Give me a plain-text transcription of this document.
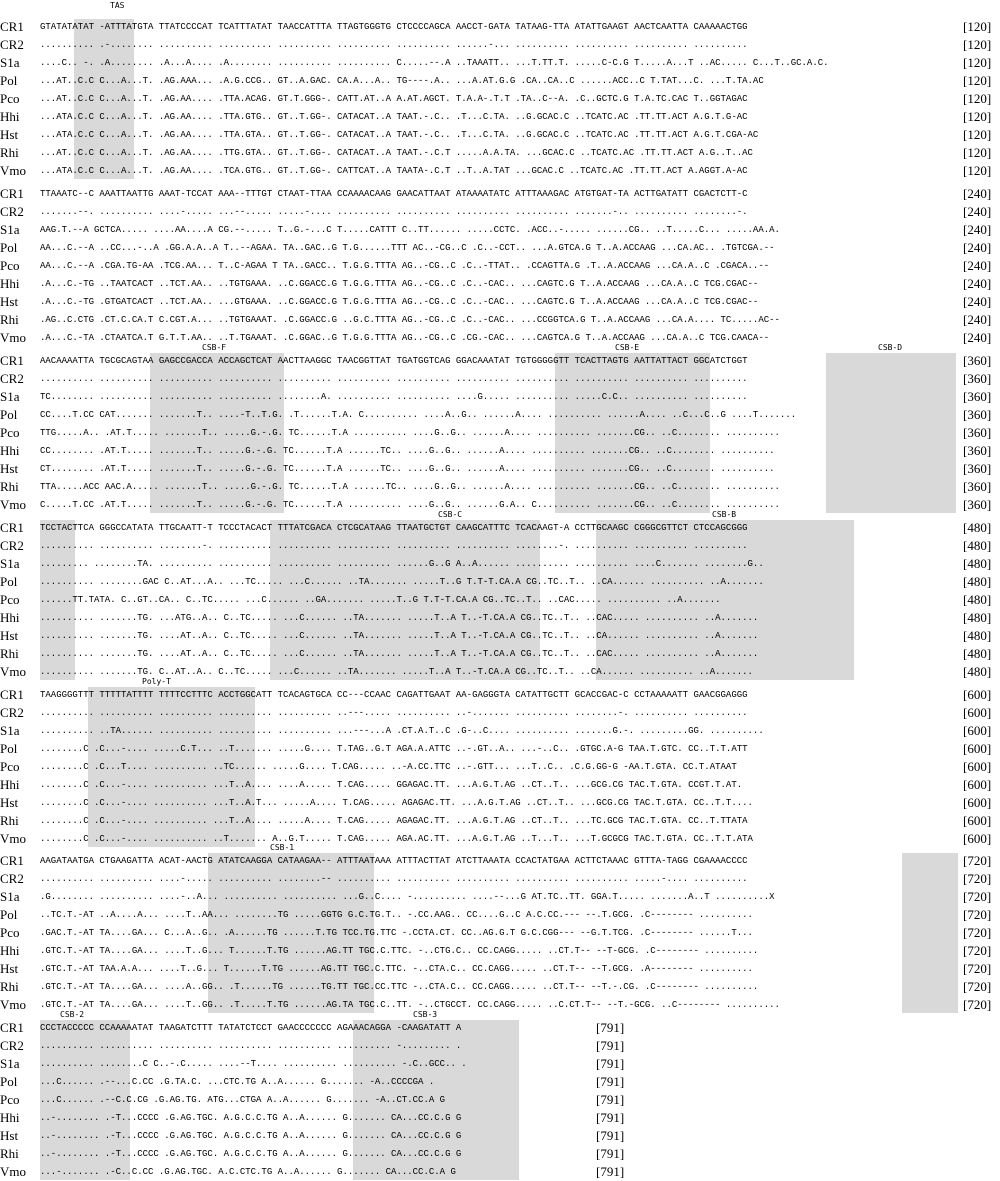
TAS
CR1	GTATATATAT -ATTTATGTA TTATCCCCAT TCATTTATAT TAACCATTTA TTAGTGGGTG CTCCCCAGCA AACCT-GATA TATAAG-TTA ATATTGAAGT AACTCAATTA CAAAAACTGG	[120]
CR2	.......... .-........ .......... .......... .......... .......... .......... ......-... .......... .......... .......... ..........	[120]
S1a	....C.. -. .A........ .A...A.... .A........ .......... .......... C.....--.A ..TAAATT.. ...T.TT.T. .....C-C.G T.....A...T ..AC..... C...T..GC.A.C.	[120]
Pol	...AT..C.C C...A...T. .AG.AAA... .A.G.CCG.. GT..A.GAC. CA.A...A.. TG----.A.. ...A.AT.G.G .CA..CA..C ......ACC..C T.TAT...C. ...T.TA.AC	[120]
Pco	...AT..C.C C...A...T. .AG.AA.... .TTA.ACAG. GT.T.GGG-. CATT.AT..A A.AT.AGCT. T.A.A-.T.T .TA..C--A. .C..GCTC.G T.A.TC.CAC T..GGTAGAC	[120]
Hhi	...ATA.C.C C...A...T. .AG.AA.... .TTA.GTG.. GT..T.GG-. CATACAT..A TAAT.-.C.. .T...C.TA. ..G.GCAC.C ..TCATC.AC .TT.TT.ACT A.G.T.G-AC	[120]
Hst	...ATA.C.C C...A...T. .AG.AA.... .TTA.GTA.. GT..T.GG-. CATACAT..A TAAT.-.C.. .T...C.TA. ..G.GCAC.C ..TCATC.AC .TT.TT.ACT A.G.T.CGA-AC	[120]
Rhi	...AT..C.C C...A...T. .AG.AA.... .TTG.GTA.. GT..T.GG-. CATACAT..A TAAT.-.C.T .....A.A.TA. ...GCAC.C ..TCATC.AC .TT.TT.ACT A.G..T..AC	[120]
Vmo	...ATA.C.C C...A...T. .AG.AA.... .TCA.GTG.. GT..T.GG-. CATTCAT..A TAATA-.C.T ..T..A.TAT ...GCAC.C ..TCATC.AC .TT.TT.ACT A.AGGT.A-AC	[120]
CR1	TTAAATC--C AAATTAATTG AAAT-TCCAT AAA--TTTGT CTAAT-TTAA CCAAAACAAG GAACATTAAT ATAAAATATC ATTTAAAGAC ATGTGAT-TA ACTTGATATT CGACTCTT-C	[240]
CR2	.......--. .......... ....-..... ...--..... .....-.... .......... .......... .......... .......... .......-.. .......... ........-.	[240]
S1a	AAG.T.--A GCTCA..... ....AA....A CG.--..... T..G.-...C T.....CATTT C..TT...... .....CCTC. .ACC..-..... ......CG.. ..T.....C... .....AA.A.	[240]
Pol	AA...C.--A ..CC...-..A .GG.A.A..A T..--AGAA. TA..GAC..G T.G......TTT AC..-CG..C .C..-CCT.. ...A.GTCA.G T..A.ACCAAG ...CA.AC.. .TGTCGA.--	[240]
Pco	AA...C.--A .CGA.TG-AA .TCG.AA... T..C-AGAA T TA..GACC.. T.G.G.TTTA AG..-CG..C .C..-TTAT.. .CCAGTTA.G .T..A.ACCAAG ...CA.A..C .CGACA..--	[240]
Hhi	.A...C.-TG ..TAATCACT ..TCT.AA.. ..TGTGAAA. ..C.GGACC.G T.G.G.TTTA AG..-CG..C .C..-CAC.. ...CAGTC.G T..A.ACCAAG ...CA.A..C TCG.CGAC--	[240]
Hst	.A...C.-TG .GTGATCACT ..TCT.AA.. ...GTGAAA. ..C.GGACC.G T.G.G.TTTA AG..-CG..C .C..-CAC.. ...CAGTC.G T..A.ACCAAG ...CA.A..C TCG.CGAC--	[240]
Rhi	.AG..C.CTG .CT.C.CA.T C.CGT.A... ..TGTGAAAT. .C.GGACC.G ..G.C.TTTA AG..-CG..C .C..-CAC.. ...CCGGTCA.G T..A.ACCAAG ...CA.A.... TC.....AC--	[240]
Vmo	.A...C.-TA .CTAATCA.T G.T.T.AA.. ..T.TGAAAT. .C.GGAC..G T.G.G.TTTA AG..-CG..C .CG.-CAC.. ...CAGTCA.G T..A.ACCAAG ...CA.A..C TCG.CAACA--	[240]
CSB-F	CSB-E	CSB-D
CR1	AACAAAATTA TGCGCAGTAA GAGCCGACCA ACCAGCTCAT AACTTAAGGC TAACGGTTAT TGATGGTCAG GGACAAATAT TGTGGGGGTT TCACTTAGTG AATTATTACT GGCATCTGGT	[360]
CR2	.......... .......... .......... .......... .......... .......... .......... .......... .......... .......... .......... ..........	[360]
S1a	TC........ .......... .......... .......... ........A. .......... .......... ....G..... .......... .....C.C.. .......... ..........	[360]
Pol	CC....T.CC CAT....... .......T.. ....-T..T.G. .T......T.A. C.......... ....A..G.. ......A.... .......... ......A.... ..C...C..G ....T.......	[360]
Pco	TTG.....A.. .AT.T..... .......T.. .....G.-.G. TC......T.A .......... ....G..G.. ......A.... .......... .......CG.. ..C........ ..........	[360]
Hhi	CC........ .AT.T..... .......T.. .....G.-.G. TC......T.A ......TC.. ....G..G.. ......A.... .......... .......CG.. ..C........ ..........	[360]
Hst	CT........ .AT.T..... .......T.. .....G.-.G. TC......T.A ......TC.. ....G..G.. ......A.... .......... .......CG.. ..C........ ..........	[360]
Rhi	TTA.....ACC AAC.A..... .......T.. .....G.-.G. TC......T.A ......TC.. ....G..G.. ......A.... .......... .......CG.. ..C........ ..........	[360]
Vmo	C.....T.CC .AT.T..... .......T.. .....G.-.G. TC......T.A .......... ....G..G.. ......G.A.. C.......... .......CG.. ..C........ ..........	[360]
CSB-C	CSB-B
CR1	TCCTACTTCA GGGCCATATA TTGCAATT-T TCCCTACACT TTTATCGACA CTCGCATAAG TTAATGCTGT CAAGCATTTC TCACAAGT-A CCTTGCAAGC CGGGCGTTCT CTCCAGCGGG	[480]
CR2	.......... .......... ........-. .......... .......... .......... .......... .......... ........-. .......... .......... ..........	[480]
S1a	......... ........TA. .......... .......... .......... .......... ......G..G A..A...... .......... .......... ....C....... ........G..	[480]
Pol	.......... ........GAC C..AT...A.. ...TC..... ...C...... ..TA....... .....T..G T.T-T.CA.A CG..TC..T.. ..CA...... .......... ..A.......	[480]
Pco	......TT.TATA. C..GT..CA.. C..TC..... ...C...... ..GA....... .....T..G T.T-T.CA.A CG..TC..T.. ..CAC..... .......... ..A.......	[480]
Hhi	.......... .......TG. ...ATG..A.. C..TC..... ...C...... ..TA....... .....T..A T..-T.CA.A CG..TC..T.. ..CAC..... .......... ..A.......	[480]
Hst	.......... .......TG. ....AT..A.. C..TC..... ...C...... ..TA....... .....T..A T..-T.CA.A CG..TC..T.. ..CA...... .......... ..A.......	[480]
Rhi	.......... .......TG. ....AT..A.. C..TC..... ...C...... ..TA....... .....T..A T..-T.CA.A CG..TC..T.. ..CAC..... .......... ..A.......	[480]
Vmo	.......... .......TG. C..AT..A.. C..TC..... ...C...... ..TA....... .....T..A T..-T.CA.A CG..TC..T.. ..CA...... .......... ..A.......	[480]
Poly-T
CR1	TAAGGGGTTT TTTTTATTTT TTTTCCTTTC ACCTGGCATT TCACAGTGCA CC---CCAAC CAGATTGAAT AA-GAGGGTA CATATTGCTT GCACCGAC-C CCTAAAAATT GAACGGAGGG	[600]
CR2	.......... .......... .......... .......... .......... ..---..... .......... ..-....... .......... ........-. .......... ..........	[600]
S1a	.......... ..TA...... .......... .......... .......... ...---...A .CT.A.T..C .G-..C.... .......... .......G.-. .........GG. ..........	[600]
Pol	........C .C...-.... .....C.T... ..T....... .....G.... T.TAG..G.T AGA.A.ATTC ..-.GT..A.. ...-..C.. .GTGC.A-G TAA.T.GTC. CC..T.T.ATT	[600]
Pco	........C .C...T.... .......... ..TC...... .....G.... T.CAG..... ..-A.CC.TTC ..-.GTT... ...T..C.. .C.G.GG-G -AA.T.GTA. CC.T.ATAAT	[600]
Hhi	........C .C...-.... .......... ...T..A.... ....A..... T.CAG..... GGAGAC.TT. ...A.G.T.AG ..CT..T.. ...GCG.CG TAC.T.GTA. CCGT.T.AT.	[600]
Hst	........C .C...-.... .......... ...T..A.T... .....A.... T.CAG..... AGAGAC.TT. ...A.G.T.AG ..CT..T.. ...GCG.CG TAC.T.GTA. CC..T.T....	[600]
Rhi	........C .C...-.... .......... ...T..A.... .....A.... T.CAG..... AGAGAC.TT. ...A.G.T.AG ..CT..T.. ...TC.GCG TAC.T.GTA. CC..T.TTATA	[600]
Vmo	........C .C...-.... .......... ..T....... A..G.T..... T.CAG..... AGA.AC.TT. ...A.G.T.AG ..T...T.. ...T.GCGCG TAC.T.GTA. CC..T.T.ATA	[600]
CSB-1
CR1	AAGATAATGA CTGAAGATTA ACAT-AACTG ATATCAAGGA CATAAGAA-- ATTTAATAAA ATTTACTTAT ATCTTAAATA CCACTATGAA ACTTCTAAAC GTTTA-TAGG CGAAAACCCC	[720]
CR2	.......... .......... ....-..... .......... ........-- .......... .......... .......... .......... .......... .....-.... ..........	[720]
S1a	.G........ .......... ....-..A... .......... .......... ...G..C.... -.......... ....--...G AT.TC..TT. GGA.T..... .......A..T ..........X	[720]
Pol	..TC.T.-AT ..A....A... ....T..AA... ........TG .....GGTG G.C.TG.T.. -.CC.AAG.. CC....G..C A.C.CC.--- --.T.GCG. .C-------- ..........	[720]
Pco	.GAC.T.-AT TA....GA... C...A..G.. .A......TG ......T.TG TCC.TG.TTC -.CCTA.CT. CC..AG.G.T G.C.CGG--- --G.T.TCG. .C-------- ......T...	[720]
Hhi	.GTC.T.-AT TA....GA... ....T..G... T......T.TG ......AG.TT TGC.C.TTC. -..CTG.C.. CC.CAGG..... ..CT.T-- --T-GCG. .C-------- ..........	[720]
Hst	.GTC.T.-AT TAA.A.A... ....T..G... T......T.TG ......AG.TT TGC.C.TTC. -..CTA.C.. CC.CAGG..... ..CT.T-- --T.GCG. .A-------- ..........	[720]
Rhi	.GTC.T.-AT TA....GA... ....A..GG.. .T......TG ......TG.TT TGC.CC.TTC -..CTA.C.. CC.CAGG..... ..CT.T-- --T.-.CG. .C-------- ..........	[720]
Vmo	.GTC.T.-AT TA....GA... ....T..GG.. .T.....T.TG ......AG.TA TGC.C..TT. -..CTGCCT. CC.CAGG..... ..C.CT.T-- --T.-GCG. ..C-------- ..........	[720]
CSB-2	CSB-3
CR1	CCCTACCCCC CCAAAAATAT TAAGATCTTT TATATCTCCT GAACCCCCCC AGAAACAGGA -CAAGATATT A	[791]
CR2	.......... .......... .......... .......... .......... .......... -......... .	[791]
S1a	.......... ........C C..-.C..... ....--T.... .......... .......... -.C..GCC.. .	[791]
Pol	...C...... .--...C.CC .G.TA.C. ...CTC.TG A..A...... G....... -A..CCCCGA .	[791]
Pco	...C...... .--C.C.CG .G.AG.TG. ATG...CTGA A..A...... G....... -A..CT.CC.A G	[791]
Hhi	..-........ .-T...CCCC .G.AG.TGC. A.G.C.C.TG A..A...... G....... CA...CC.C.G G	[791]
Hst	..-........ .-T...CCCC .G.AG.TGC. A.G.C.C.TG A..A...... G....... CA...CC.C.G G	[791]
Rhi	..-........ .-T...CCCC .G.AG.TGC. A.G.C.C.TG A..A...... G....... CA...CC.C.G G	[791]
Vmo	...-....... .-C..C.CC .G.AG.TGC. A.C.CTC.TG A..A...... G....... CA...CC.C.A G	[791]
